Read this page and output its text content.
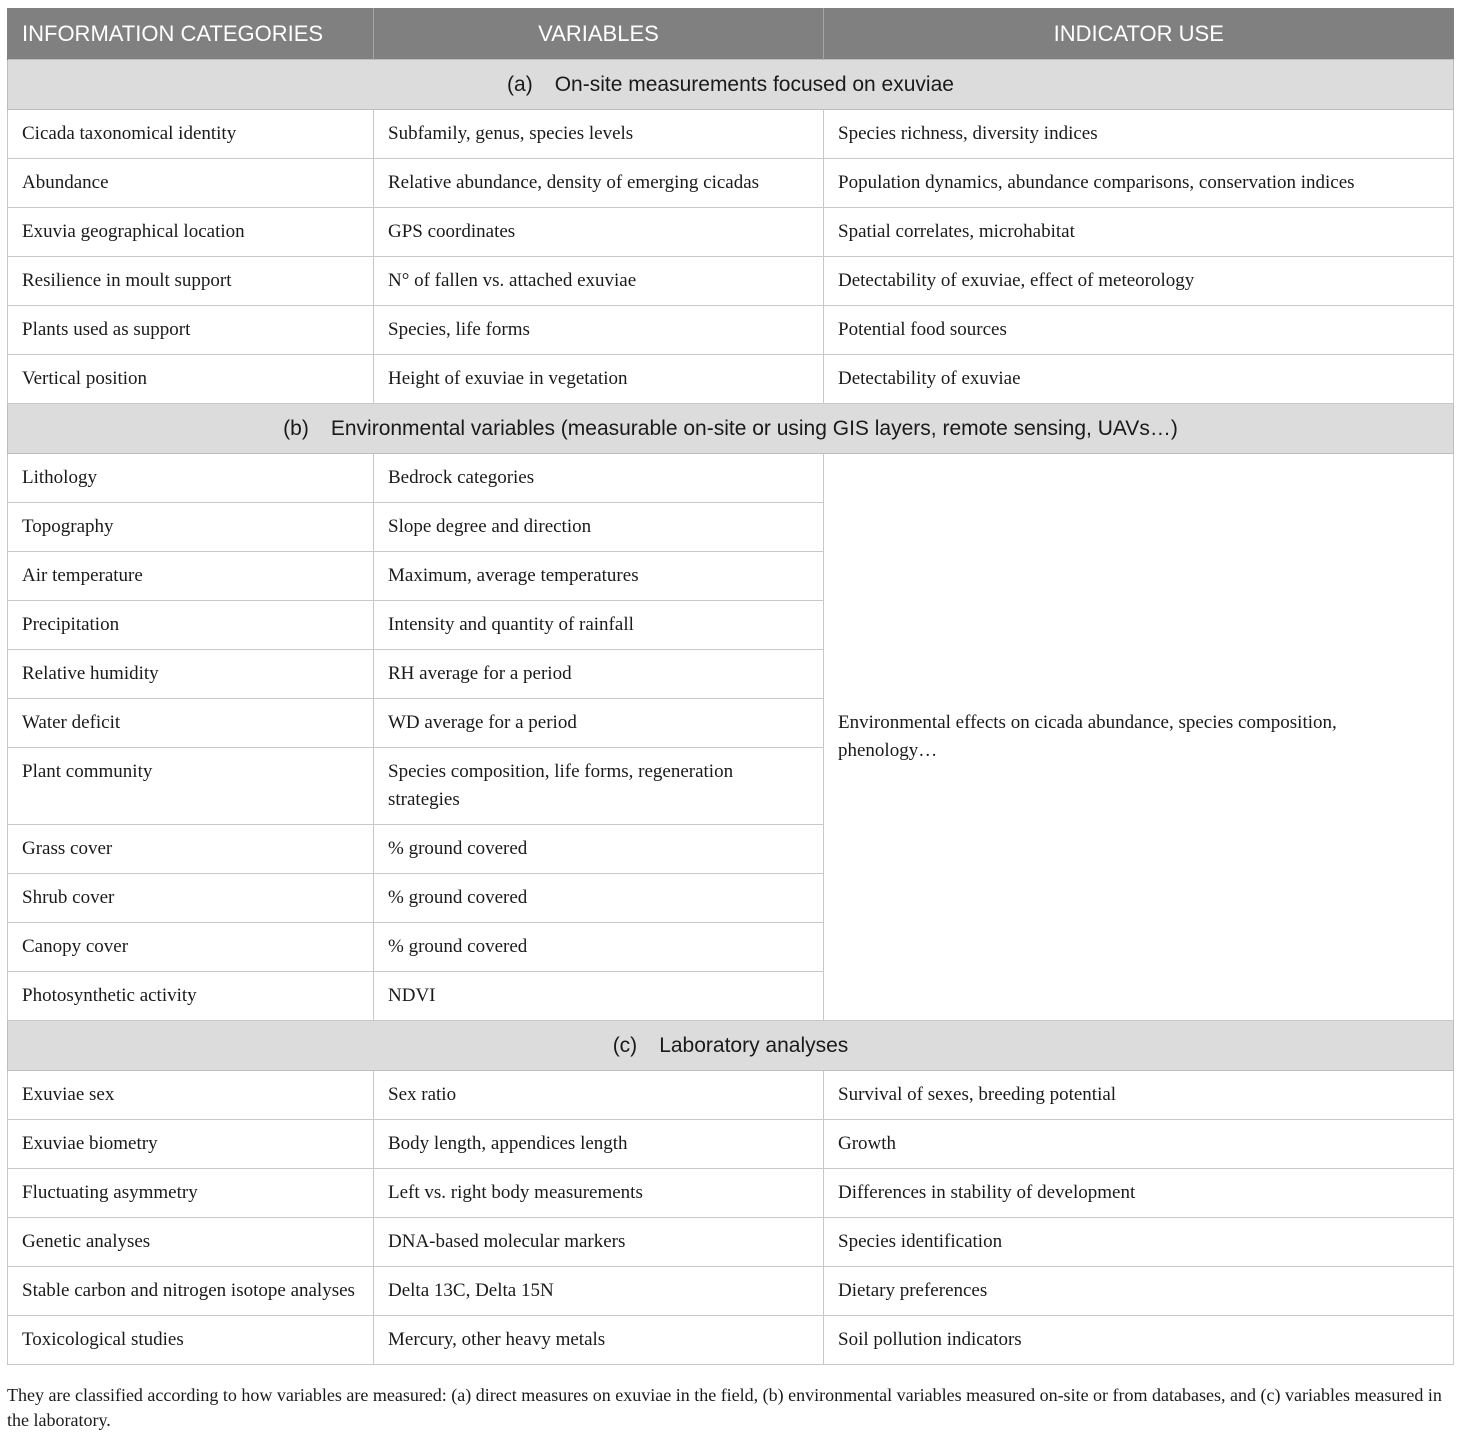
INFORMATION CATEGORIES	VARIABLES	INDICATOR USE
(a) On-site measurements focused on exuviae		
Cicada taxonomical identity	Subfamily, genus, species levels	Species richness, diversity indices
Abundance	Relative abundance, density of emerging cicadas	Population dynamics, abundance comparisons, conservation indices
Exuvia geographical location	GPS coordinates	Spatial correlates, microhabitat
Resilience in moult support	N° of fallen vs. attached exuviae	Detectability of exuviae, effect of meteorology
Plants used as support	Species, life forms	Potential food sources
Vertical position	Height of exuviae in vegetation	Detectability of exuviae
(b) Environmental variables (measurable on-site or using GIS layers, remote sensing, UAVs…)		
Lithology	Bedrock categories	Environmental effects on cicada abundance, species composition, phenology…
Topography	Slope degree and direction	
Air temperature	Maximum, average temperatures	
Precipitation	Intensity and quantity of rainfall	
Relative humidity	RH average for a period	
Water deficit	WD average for a period	
Plant community	Species composition, life forms, regeneration strategies	
Grass cover	% ground covered	
Shrub cover	% ground covered	
Canopy cover	% ground covered	
Photosynthetic activity	NDVI	
(c) Laboratory analyses		
Exuviae sex	Sex ratio	Survival of sexes, breeding potential
Exuviae biometry	Body length, appendices length	Growth
Fluctuating asymmetry	Left vs. right body measurements	Differences in stability of development
Genetic analyses	DNA-based molecular markers	Species identification
Stable carbon and nitrogen isotope analyses	Delta 13C, Delta 15N	Dietary preferences
Toxicological studies	Mercury, other heavy metals	Soil pollution indicators
They are classified according to how variables are measured: (a) direct measures on exuviae in the field, (b) environmental variables measured on-site or from databases, and (c) variables measured in the laboratory.
